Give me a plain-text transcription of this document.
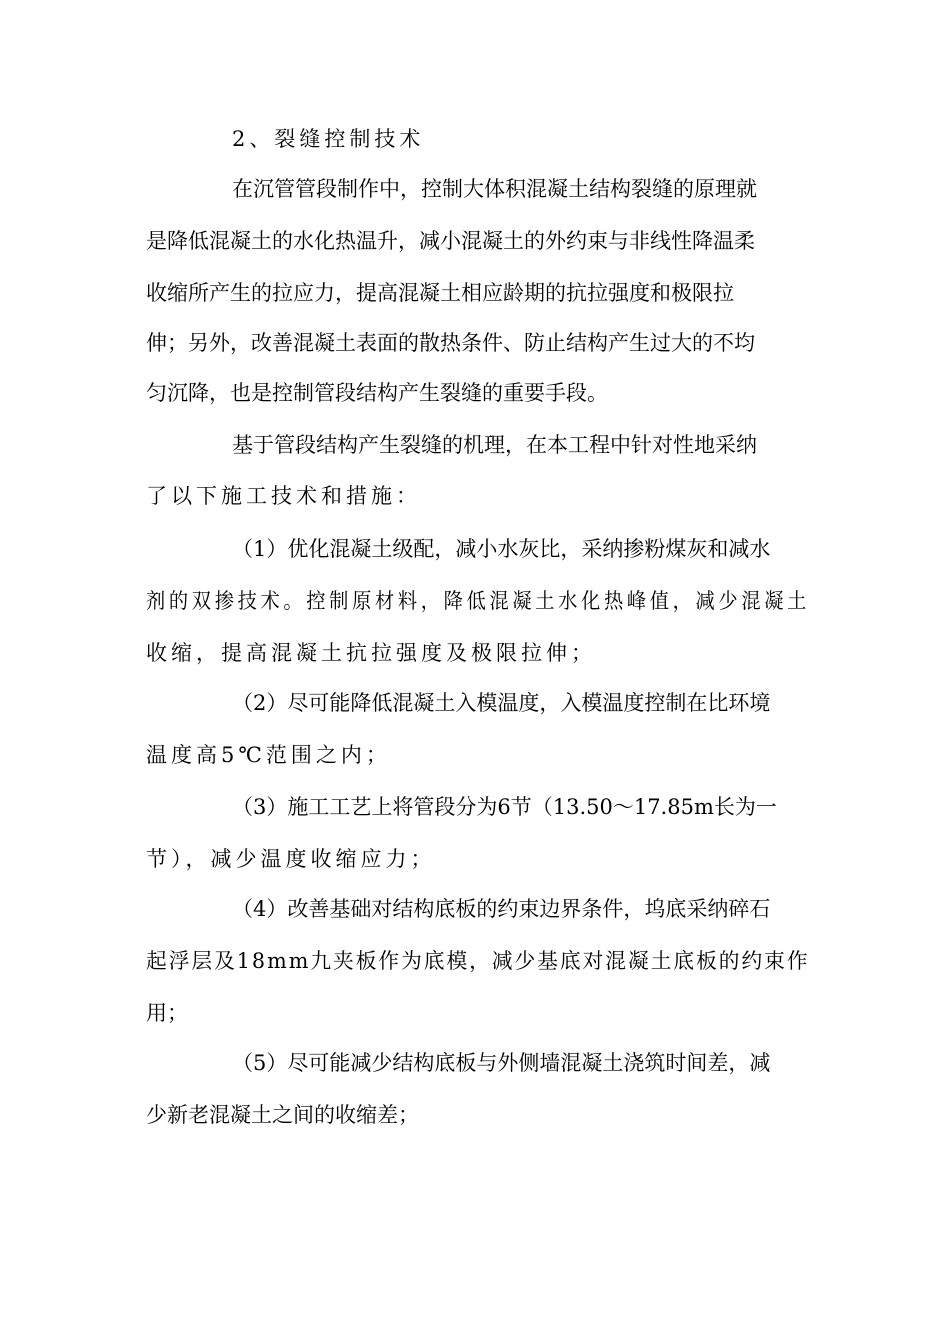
2、裂缝控制技术
在沉管管段制作中，控制大体积混凝土结构裂缝的原理就
是降低混凝土的水化热温升，减小混凝土的外约束与非线性降温柔
收缩所产生的拉应力，提高混凝土相应龄期的抗拉强度和极限拉
伸；另外，改善混凝土表面的散热条件、防止结构产生过大的不均
匀沉降，也是控制管段结构产生裂缝的重要手段。
基于管段结构产生裂缝的机理，在本工程中针对性地采纳
了以下施工技术和措施：
（1）优化混凝土级配，减小水灰比，采纳掺粉煤灰和减水
剂的双掺技术。控制原材料，降低混凝土水化热峰值，减少混凝土
收缩，提高混凝土抗拉强度及极限拉伸；
（2）尽可能降低混凝土入模温度，入模温度控制在比环境
温度高5℃范围之内；
（3）施工工艺上将管段分为6节（13.50～17.85m长为一
节），减少温度收缩应力；
（4）改善基础对结构底板的约束边界条件，坞底采纳碎石
起浮层及18mm九夹板作为底模，减少基底对混凝土底板的约束作
用；
（5）尽可能减少结构底板与外侧墙混凝土浇筑时间差，减
少新老混凝土之间的收缩差；
